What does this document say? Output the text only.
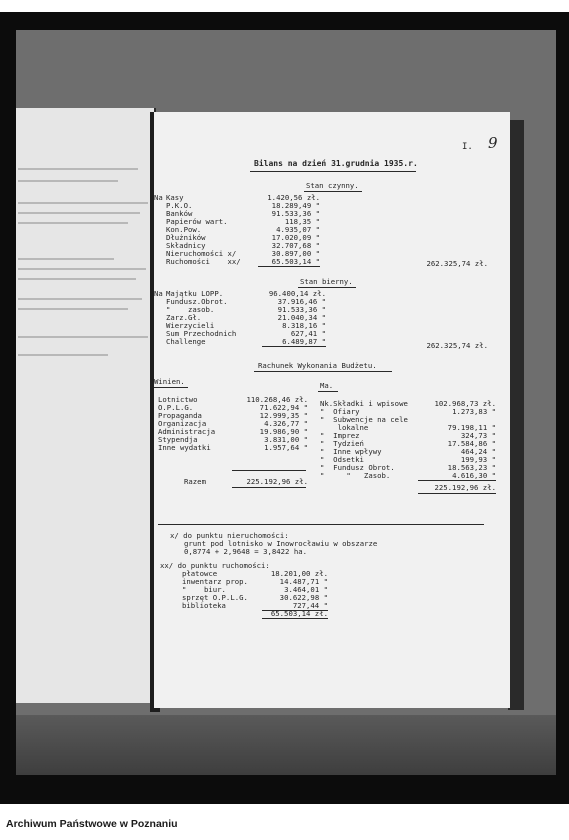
I. 9
Bilans na dzień 31.grudnia 1935.r.
Stan czynny.
Na Kasy	1.420,56 zł.
P.K.O.	18.289,49 "
Banków	91.533,36 "
Papierów wart.	118,35 "
Kon.Pow.	4.935,07 "
Dłużników	17.020,09 "
Składnicy	32.707,68 "
Nieruchomości x/	30.897,00 "
Ruchomości    xx/	65.503,14 "	262.325,74 zł.
Stan bierny.
Na Majątku LOPP.	96.400,14 zł.
Fundusz.Obrot.	37.916,46 "
"    zasob.	91.533,36 "
Zarz.Gł.	21.040,34 "
Wierzycieli	8.318,16 "
Sum Przechodnich	627,41 "
Challenge	6.489,87 "	262.325,74 zł.
Rachunek Wykonania Budżetu.
Winien.	Ma.
Lotnictwo	110.268,46 zł.
O.P.L.G.	71.622,94 "
Propaganda	12.999,35 "
Organizacja	4.326,77 "
Administracja	19.986,90 "
Stypendja	3.831,00 "
Inne wydatki	1.957,64 "
Razem	225.192,96 zł.
Nk.Składki i wpisowe	102.968,73 zł.
"  Ofiary	1.273,83 "
"  Subwencje na cele
lokalne	79.198,11 "
"  Imprez	324,73 "
"  Tydzień	17.584,86 "
"  Inne wpływy	464,24 "
"  Odsetki	199,93 "
"  Fundusz Obrot.	18.563,23 "
"     "   Zasob.	4.616,30 "
225.192,96 zł.
x/ do punktu nieruchomości:
grunt pod lotnisko w Inowrocławiu w obszarze
0,8774 + 2,9648 = 3,8422 ha.
xx/ do punktu ruchomości:
płatowce	18.201,00 zł.
inwentarz prop.	14.487,71 "
"    biur.	3.464,01 "
sprzęt O.P.L.G.	30.622,98 "
biblioteka	727,44 "
65.503,14 zł.
Archiwum Państwowe w Poznaniu
